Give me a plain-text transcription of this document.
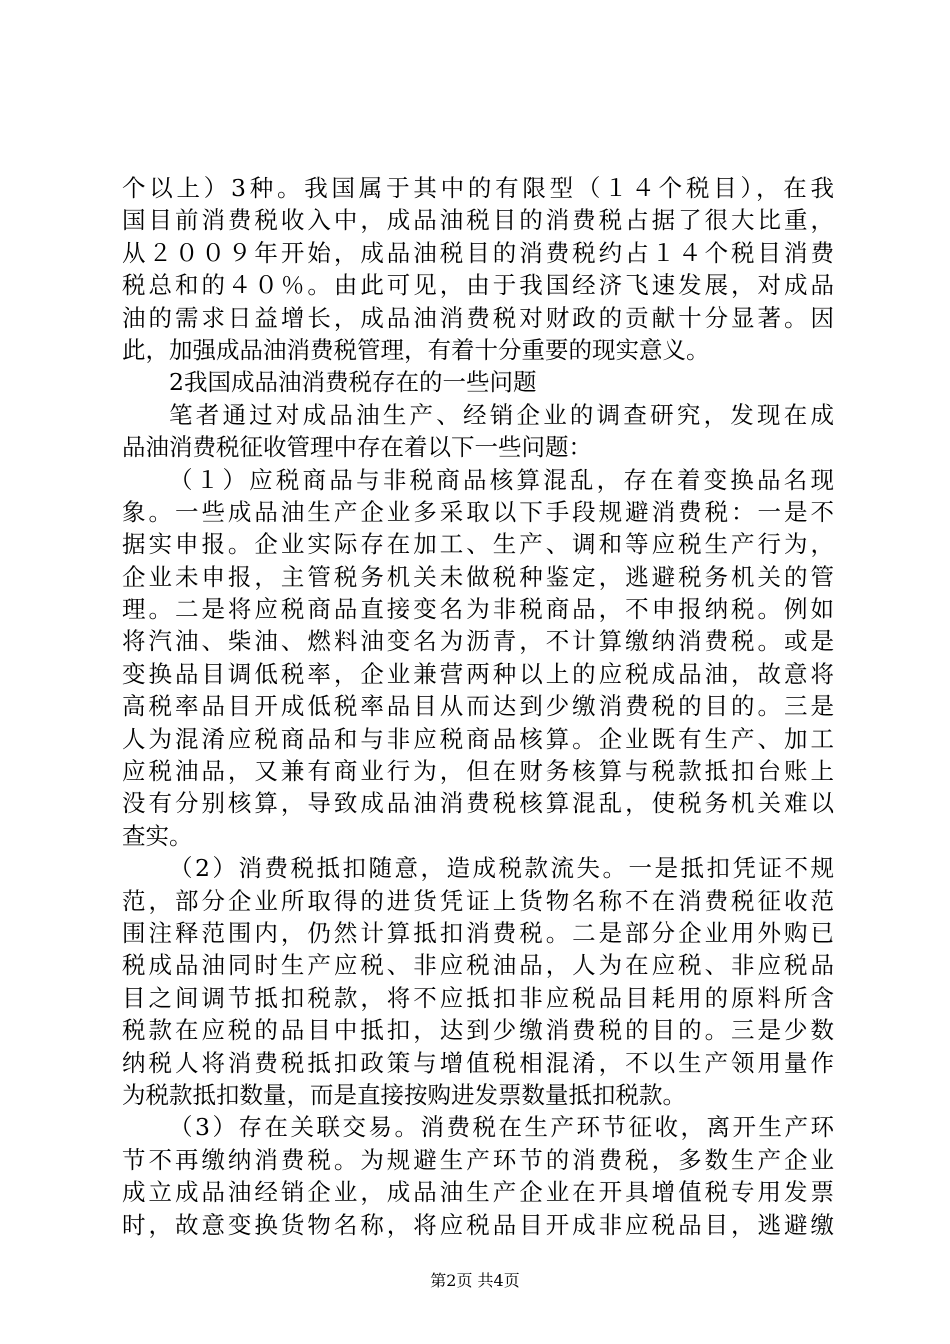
个以上）3种。我国属于其中的有限型（１４个税目），在我
国目前消费税收入中，成品油税目的消费税占据了很大比重，
从２００９年开始，成品油税目的消费税约占１４个税目消费
税总和的４０％。由此可见，由于我国经济飞速发展，对成品
油的需求日益增长，成品油消费税对财政的贡献十分显著。因
此，加强成品油消费税管理，有着十分重要的现实意义。
2我国成品油消费税存在的一些问题
笔者通过对成品油生产、经销企业的调查研究，发现在成
品油消费税征收管理中存在着以下一些问题：
（１）应税商品与非税商品核算混乱，存在着变换品名现
象。一些成品油生产企业多采取以下手段规避消费税：一是不
据实申报。企业实际存在加工、生产、调和等应税生产行为，
企业未申报，主管税务机关未做税种鉴定，逃避税务机关的管
理。二是将应税商品直接变名为非税商品，不申报纳税。例如
将汽油、柴油、燃料油变名为沥青，不计算缴纳消费税。或是
变换品目调低税率，企业兼营两种以上的应税成品油，故意将
高税率品目开成低税率品目从而达到少缴消费税的目的。三是
人为混淆应税商品和与非应税商品核算。企业既有生产、加工
应税油品，又兼有商业行为，但在财务核算与税款抵扣台账上
没有分别核算，导致成品油消费税核算混乱，使税务机关难以
查实。
（2）消费税抵扣随意，造成税款流失。一是抵扣凭证不规
范，部分企业所取得的进货凭证上货物名称不在消费税征收范
围注释范围内，仍然计算抵扣消费税。二是部分企业用外购已
税成品油同时生产应税、非应税油品，人为在应税、非应税品
目之间调节抵扣税款，将不应抵扣非应税品目耗用的原料所含
税款在应税的品目中抵扣，达到少缴消费税的目的。三是少数
纳税人将消费税抵扣政策与增值税相混淆，不以生产领用量作
为税款抵扣数量，而是直接按购进发票数量抵扣税款。
（3）存在关联交易。消费税在生产环节征收，离开生产环
节不再缴纳消费税。为规避生产环节的消费税，多数生产企业
成立成品油经销企业，成品油生产企业在开具增值税专用发票
时，故意变换货物名称，将应税品目开成非应税品目，逃避缴
第2页 共4页
